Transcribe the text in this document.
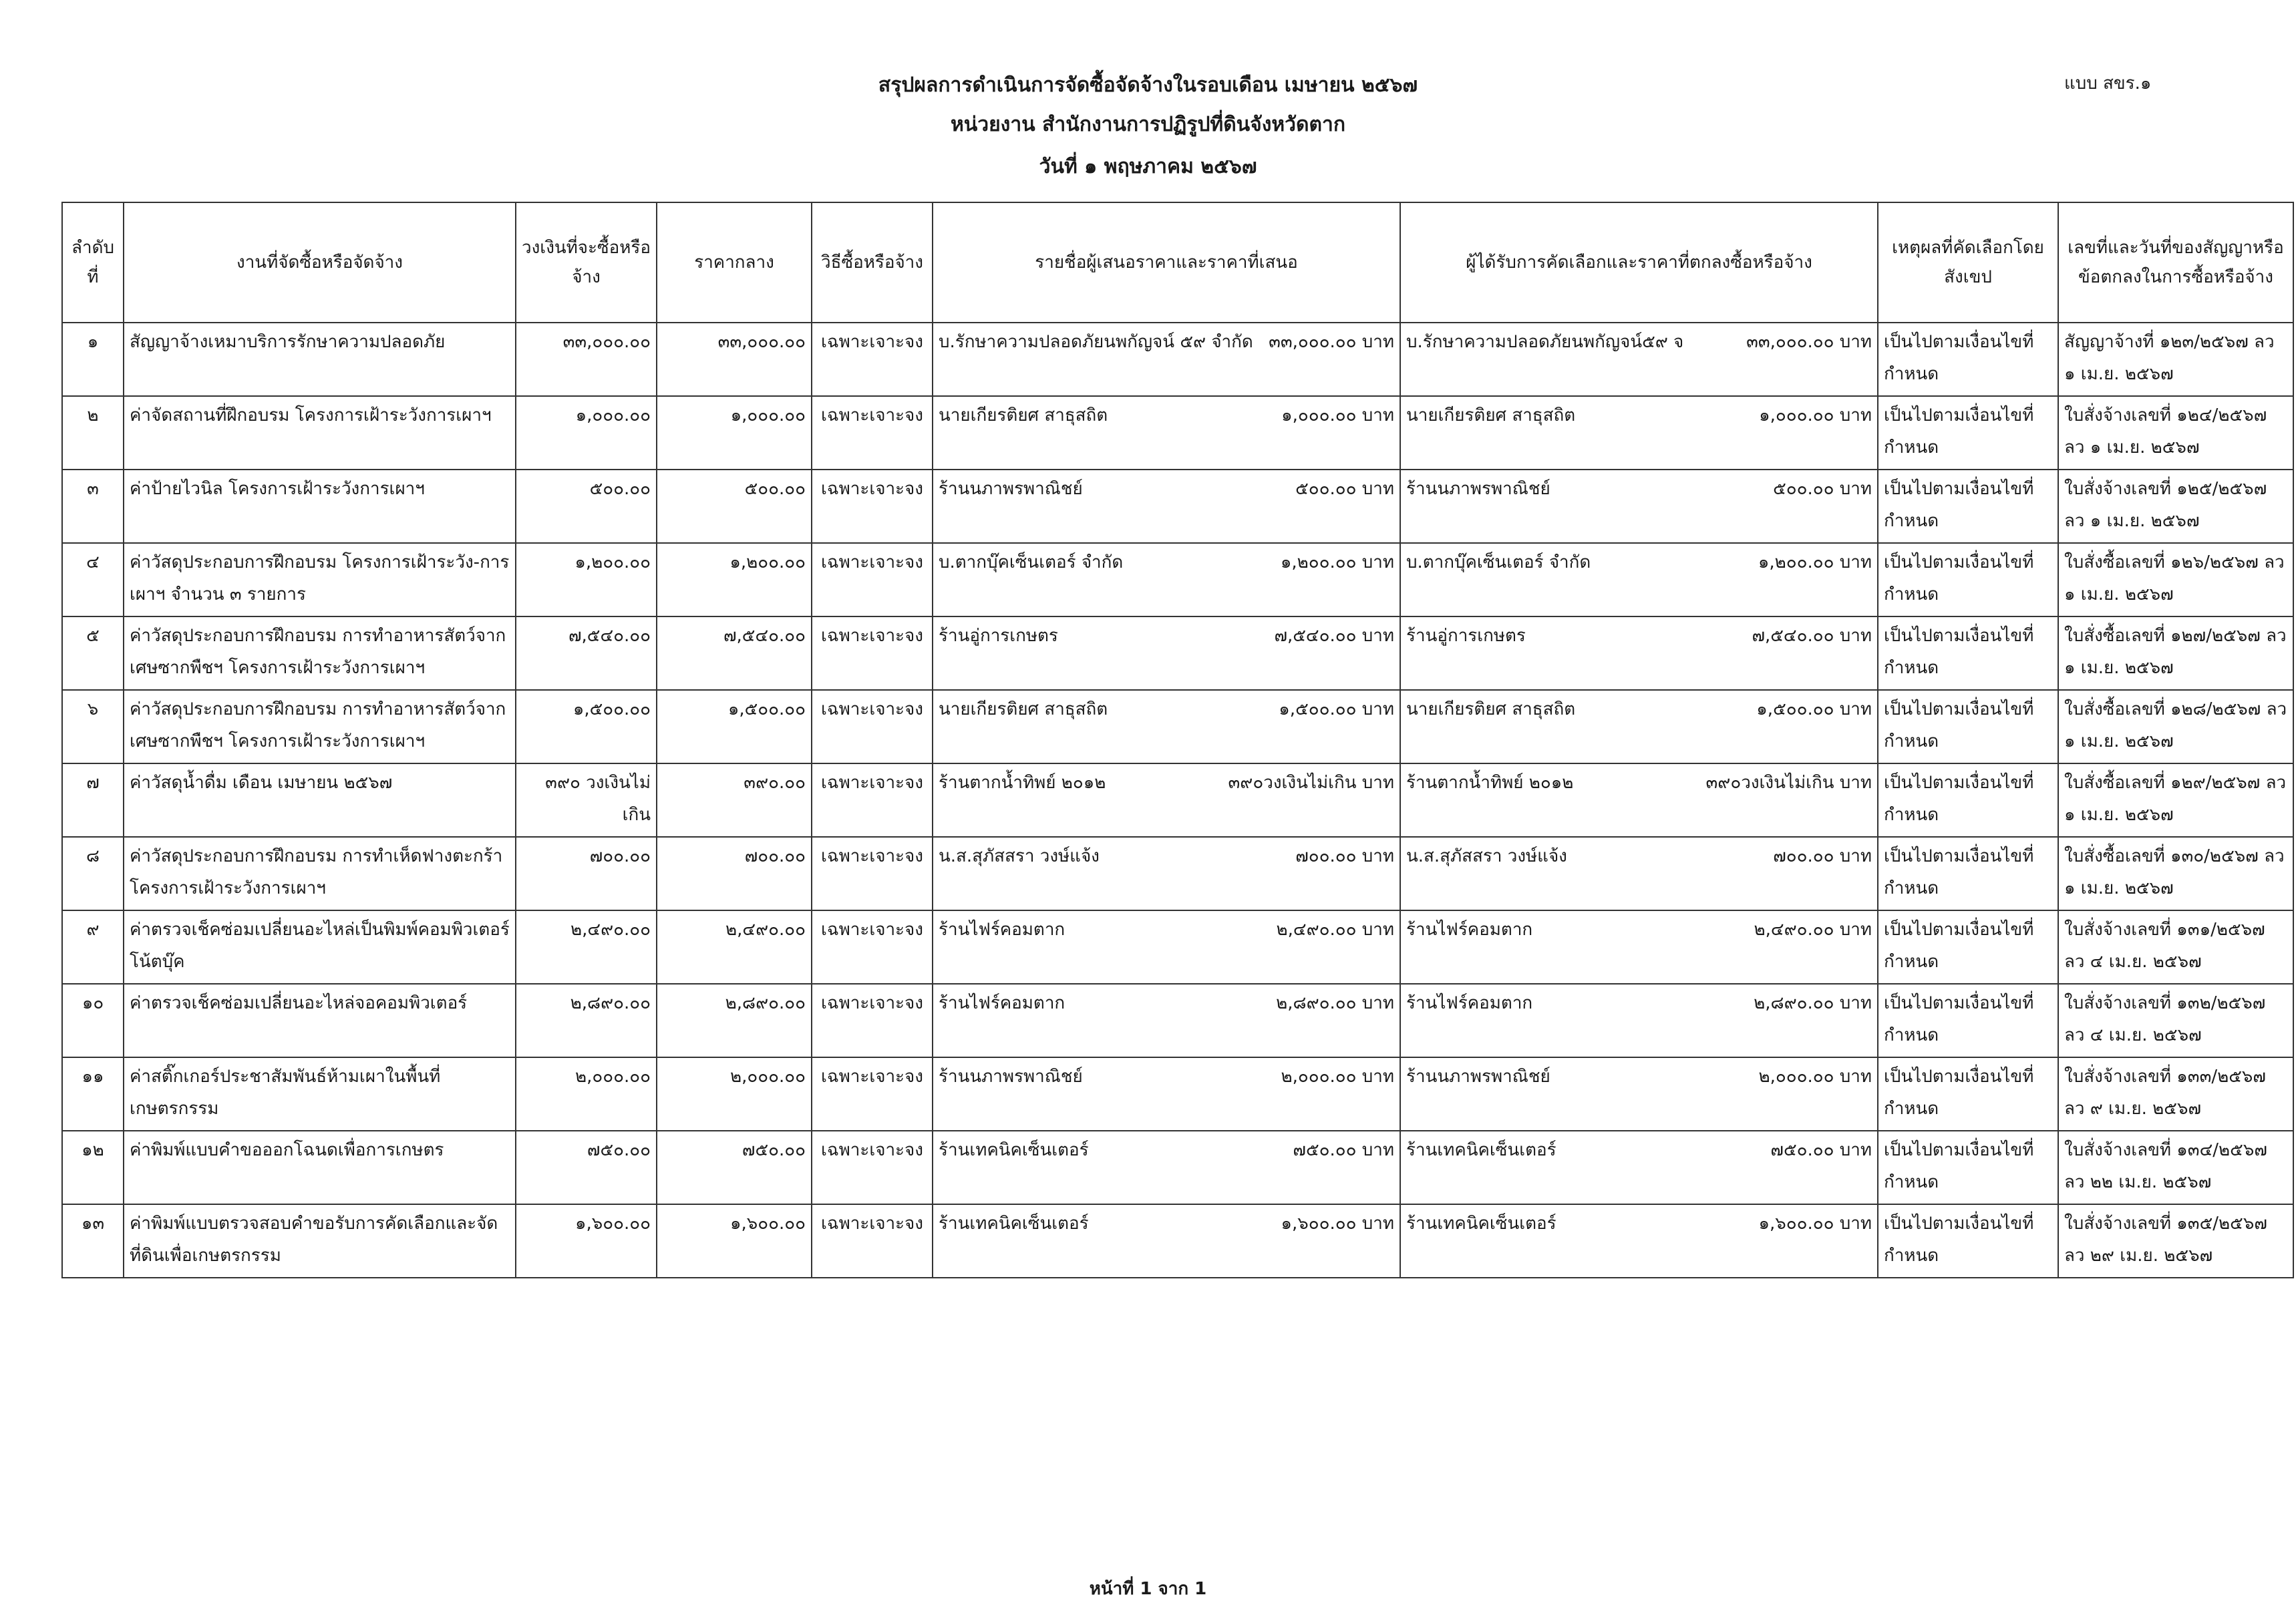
สรุปผลการดำเนินการจัดซื้อจัดจ้างในรอบเดือน เมษายน ๒๕๖๗
หน่วยงาน สำนักงานการปฏิรูปที่ดินจังหวัดตาก
วันที่ ๑ พฤษภาคม ๒๕๖๗
แบบ สขร.๑
ลำดับที่	งานที่จัดซื้อหรือจัดจ้าง	วงเงินที่จะซื้อหรือจ้าง	ราคากลาง	วิธีซื้อหรือจ้าง	รายชื่อผู้เสนอราคาและราคาที่เสนอ	ผู้ได้รับการคัดเลือกและราคาที่ตกลงซื้อหรือจ้าง	เหตุผลที่คัดเลือกโดยสังเขป	เลขที่และวันที่ของสัญญาหรือข้อตกลงในการซื้อหรือจ้าง
๑	สัญญาจ้างเหมาบริการรักษาความปลอดภัย	๓๓,๐๐๐.๐๐	๓๓,๐๐๐.๐๐	เฉพาะเจาะจง	บ.รักษาความปลอดภัยนพกัญจน์ ๕๙ จำกัด ๓๓,๐๐๐.๐๐ บาท	บ.รักษาความปลอดภัยนพกัญจน์๕๙ จ ๓๓,๐๐๐.๐๐ บาท	เป็นไปตามเงื่อนไขที่กำหนด	สัญญาจ้างที่ ๑๒๓/๒๕๖๗ ลว ๑ เม.ย. ๒๕๖๗
๒	ค่าจัดสถานที่ฝึกอบรม โครงการเฝ้าระวังการเผาฯ	๑,๐๐๐.๐๐	๑,๐๐๐.๐๐	เฉพาะเจาะจง	นายเกียรติยศ สาธุสถิต ๑,๐๐๐.๐๐ บาท	นายเกียรติยศ สาธุสถิต ๑,๐๐๐.๐๐ บาท	เป็นไปตามเงื่อนไขที่กำหนด	ใบสั่งจ้างเลขที่ ๑๒๔/๒๕๖๗ ลว ๑ เม.ย. ๒๕๖๗
๓	ค่าป้ายไวนิล โครงการเฝ้าระวังการเผาฯ	๕๐๐.๐๐	๕๐๐.๐๐	เฉพาะเจาะจง	ร้านนภาพรพาณิชย์ ๕๐๐.๐๐ บาท	ร้านนภาพรพาณิชย์ ๕๐๐.๐๐ บาท	เป็นไปตามเงื่อนไขที่กำหนด	ใบสั่งจ้างเลขที่ ๑๒๕/๒๕๖๗ ลว ๑ เม.ย. ๒๕๖๗
๔	ค่าวัสดุประกอบการฝึกอบรม โครงการเฝ้าระวัง-การเผาฯ จำนวน ๓ รายการ	๑,๒๐๐.๐๐	๑,๒๐๐.๐๐	เฉพาะเจาะจง	บ.ตากบุ๊คเซ็นเตอร์ จำกัด ๑,๒๐๐.๐๐ บาท	บ.ตากบุ๊คเซ็นเตอร์ จำกัด ๑,๒๐๐.๐๐ บาท	เป็นไปตามเงื่อนไขที่กำหนด	ใบสั่งซื้อเลขที่ ๑๒๖/๒๕๖๗ ลว ๑ เม.ย. ๒๕๖๗
๕	ค่าวัสดุประกอบการฝึกอบรม การทำอาหารสัตว์จากเศษซากพืชฯ โครงการเฝ้าระวังการเผาฯ	๗,๕๔๐.๐๐	๗,๕๔๐.๐๐	เฉพาะเจาะจง	ร้านอู่การเกษตร ๗,๕๔๐.๐๐ บาท	ร้านอู่การเกษตร ๗,๕๔๐.๐๐ บาท	เป็นไปตามเงื่อนไขที่กำหนด	ใบสั่งซื้อเลขที่ ๑๒๗/๒๕๖๗ ลว ๑ เม.ย. ๒๕๖๗
๖	ค่าวัสดุประกอบการฝึกอบรม การทำอาหารสัตว์จากเศษซากพืชฯ โครงการเฝ้าระวังการเผาฯ	๑,๕๐๐.๐๐	๑,๕๐๐.๐๐	เฉพาะเจาะจง	นายเกียรติยศ สาธุสถิต ๑,๕๐๐.๐๐ บาท	นายเกียรติยศ สาธุสถิต ๑,๕๐๐.๐๐ บาท	เป็นไปตามเงื่อนไขที่กำหนด	ใบสั่งซื้อเลขที่ ๑๒๘/๒๕๖๗ ลว ๑ เม.ย. ๒๕๖๗
๗	ค่าวัสดุน้ำดื่ม เดือน เมษายน ๒๕๖๗	๓๙๐ วงเงินไม่เกิน	๓๙๐.๐๐	เฉพาะเจาะจง	ร้านตากน้ำทิพย์ ๒๐๑๒ ๓๙๐วงเงินไม่เกิน บาท	ร้านตากน้ำทิพย์ ๒๐๑๒ ๓๙๐วงเงินไม่เกิน บาท	เป็นไปตามเงื่อนไขที่กำหนด	ใบสั่งซื้อเลขที่ ๑๒๙/๒๕๖๗ ลว ๑ เม.ย. ๒๕๖๗
๘	ค่าวัสดุประกอบการฝึกอบรม การทำเห็ดฟางตะกร้า โครงการเฝ้าระวังการเผาฯ	๗๐๐.๐๐	๗๐๐.๐๐	เฉพาะเจาะจง	น.ส.สุภัสสรา วงษ์แจ้ง ๗๐๐.๐๐ บาท	น.ส.สุภัสสรา วงษ์แจ้ง ๗๐๐.๐๐ บาท	เป็นไปตามเงื่อนไขที่กำหนด	ใบสั่งซื้อเลขที่ ๑๓๐/๒๕๖๗ ลว ๑ เม.ย. ๒๕๖๗
๙	ค่าตรวจเช็คซ่อมเปลี่ยนอะไหล่เป็นพิมพ์คอมพิวเตอร์โน้ตบุ๊ค	๒,๔๙๐.๐๐	๒,๔๙๐.๐๐	เฉพาะเจาะจง	ร้านไฟร์คอมตาก ๒,๔๙๐.๐๐ บาท	ร้านไฟร์คอมตาก ๒,๔๙๐.๐๐ บาท	เป็นไปตามเงื่อนไขที่กำหนด	ใบสั่งจ้างเลขที่ ๑๓๑/๒๕๖๗ ลว ๔ เม.ย. ๒๕๖๗
๑๐	ค่าตรวจเช็คซ่อมเปลี่ยนอะไหล่จอคอมพิวเตอร์	๒,๘๙๐.๐๐	๒,๘๙๐.๐๐	เฉพาะเจาะจง	ร้านไฟร์คอมตาก ๒,๘๙๐.๐๐ บาท	ร้านไฟร์คอมตาก ๒,๘๙๐.๐๐ บาท	เป็นไปตามเงื่อนไขที่กำหนด	ใบสั่งจ้างเลขที่ ๑๓๒/๒๕๖๗ ลว ๔ เม.ย. ๒๕๖๗
๑๑	ค่าสติ๊กเกอร์ประชาสัมพันธ์ห้ามเผาในพื้นที่เกษตรกรรม	๒,๐๐๐.๐๐	๒,๐๐๐.๐๐	เฉพาะเจาะจง	ร้านนภาพรพาณิชย์ ๒,๐๐๐.๐๐ บาท	ร้านนภาพรพาณิชย์ ๒,๐๐๐.๐๐ บาท	เป็นไปตามเงื่อนไขที่กำหนด	ใบสั่งจ้างเลขที่ ๑๓๓/๒๕๖๗ ลว ๙ เม.ย. ๒๕๖๗
๑๒	ค่าพิมพ์แบบคำขอออกโฉนดเพื่อการเกษตร	๗๕๐.๐๐	๗๕๐.๐๐	เฉพาะเจาะจง	ร้านเทคนิคเซ็นเตอร์ ๗๕๐.๐๐ บาท	ร้านเทคนิคเซ็นเตอร์ ๗๕๐.๐๐ บาท	เป็นไปตามเงื่อนไขที่กำหนด	ใบสั่งจ้างเลขที่ ๑๓๔/๒๕๖๗ ลว ๒๒ เม.ย. ๒๕๖๗
๑๓	ค่าพิมพ์แบบตรวจสอบคำขอรับการคัดเลือกและจัดที่ดินเพื่อเกษตรกรรม	๑,๖๐๐.๐๐	๑,๖๐๐.๐๐	เฉพาะเจาะจง	ร้านเทคนิคเซ็นเตอร์ ๑,๖๐๐.๐๐ บาท	ร้านเทคนิคเซ็นเตอร์ ๑,๖๐๐.๐๐ บาท	เป็นไปตามเงื่อนไขที่กำหนด	ใบสั่งจ้างเลขที่ ๑๓๕/๒๕๖๗ ลว ๒๙ เม.ย. ๒๕๖๗
หน้าที่ 1 จาก 1
